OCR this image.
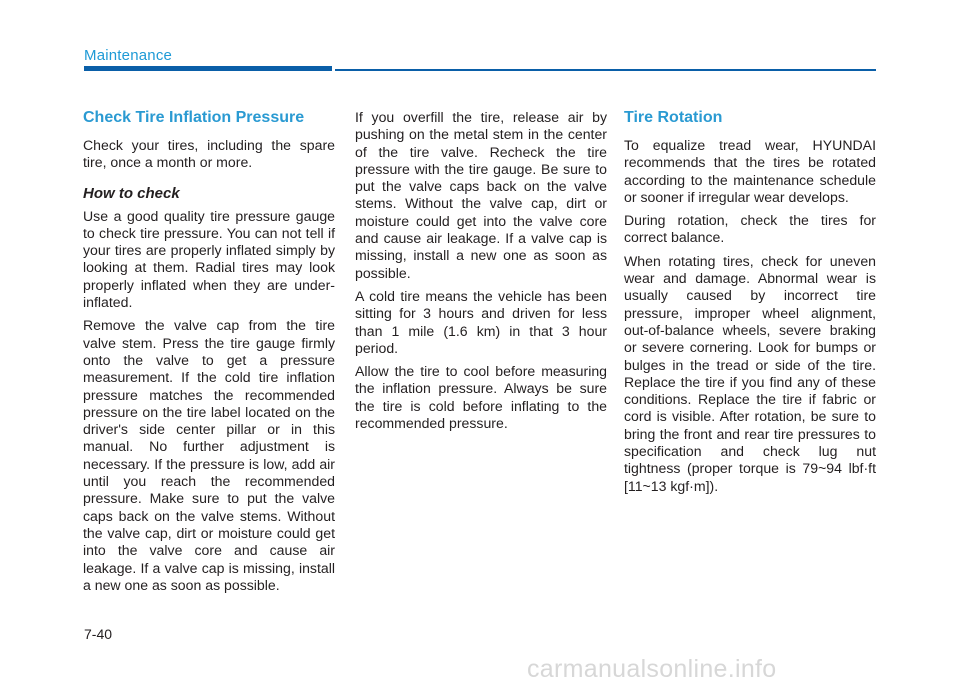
Maintenance
Check Tire Inflation Pressure
Check your tires, including the spare tire, once a month or more.
How to check
Use a good quality tire pressure gauge to check tire pressure. You can not tell if your tires are properly inflated simply by looking at them. Radial tires may look properly inflated when they are under-inflated.
Remove the valve cap from the tire valve stem. Press the tire gauge firmly onto the valve to get a pressure measurement. If the cold tire inflation pressure matches the recommended pressure on the tire label located on the driver's side center pillar or in this manual. No further adjustment is necessary. If the pressure is low, add air until you reach the recommended pressure. Make sure to put the valve caps back on the valve stems. Without the valve cap, dirt or moisture could get into the valve core and cause air leakage. If a valve cap is missing, install a new one as soon as possible.
If you overfill the tire, release air by pushing on the metal stem in the center of the tire valve. Recheck the tire pressure with the tire gauge. Be sure to put the valve caps back on the valve stems. Without the valve cap, dirt or moisture could get into the valve core and cause air leakage. If a valve cap is missing, install a new one as soon as possible.
A cold tire means the vehicle has been sitting for 3 hours and driven for less than 1 mile (1.6 km) in that 3 hour period.
Allow the tire to cool before measuring the inflation pressure. Always be sure the tire is cold before inflating to the recommended pressure.
Tire Rotation
To equalize tread wear, HYUNDAI recommends that the tires be rotated according to the maintenance schedule or sooner if irregular wear develops.
During rotation, check the tires for correct balance.
When rotating tires, check for uneven wear and damage. Abnormal wear is usually caused by incorrect tire pressure, improper wheel alignment, out-of-balance wheels, severe braking or severe cornering. Look for bumps or bulges in the tread or side of the tire. Replace the tire if you find any of these conditions. Replace the tire if fabric or cord is visible. After rotation, be sure to bring the front and rear tire pressures to specification and check lug nut tightness (proper torque is 79~94 lbf·ft [11~13 kgf·m]).
7-40
carmanualsonline.info
